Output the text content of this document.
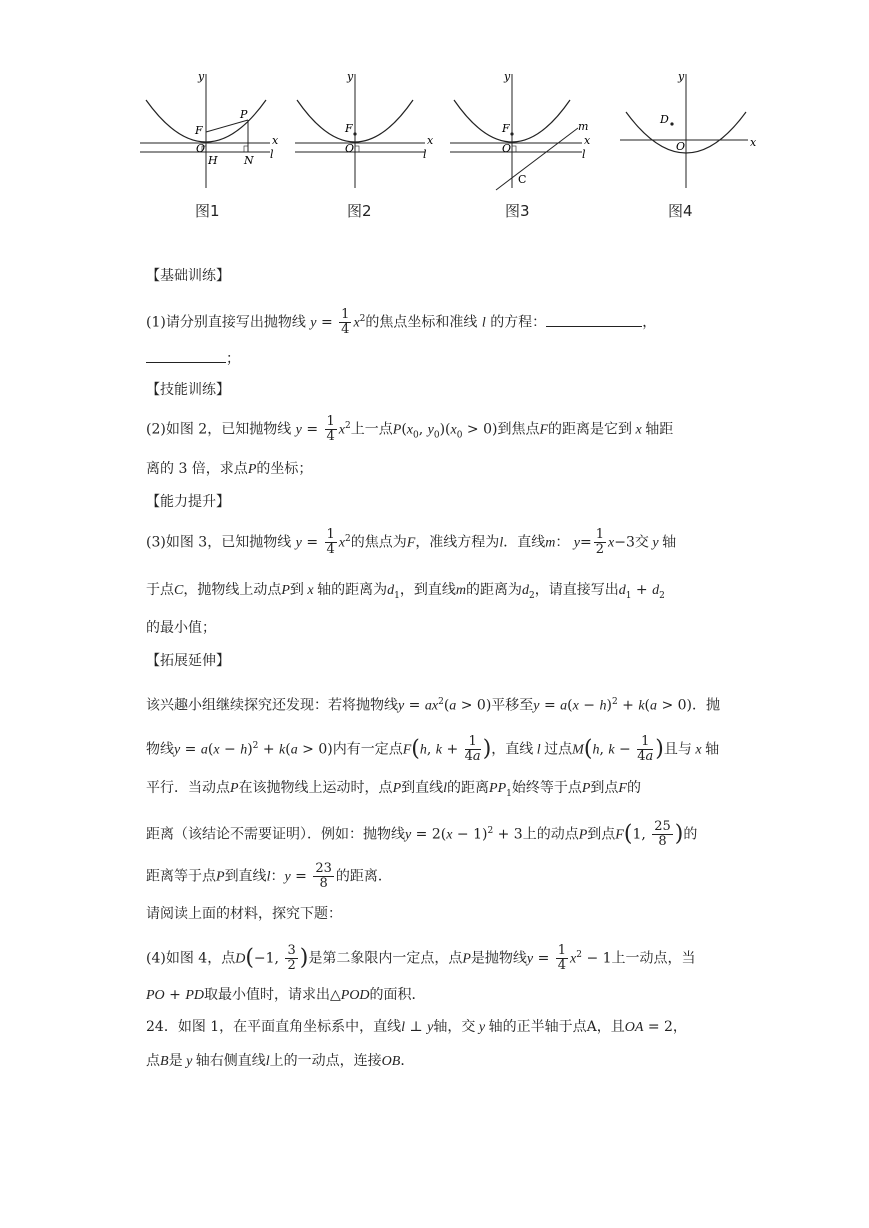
y
x
F
O
H N
P
l
图1
y
x
F
O	l
图2
y
x
F
O
m
l
C
图3
y
x
O
D
图4
【基础训练】
(1)请分别直接写出抛物线 $y = \frac{1}{4} x^2$的焦点坐标和准线 l 的方程：	，
；
【技能训练】
(2)如图 2，已知抛物线 $y = \frac{1}{4} x^2$上一点$P(x_0$, $y_0)(x_0 > 0)$到焦点F的距离是它到 x 轴距
离的 3 倍，求点P的坐标；
【能力提升】
(3)如图 3，已知抛物线 $y = \frac{1}{4} x^2$的焦点为F，准线方程为l．直线m： $y= \frac{1}{2} x-3$交 y 轴
于点C，抛物线上动点P到 x 轴的距离为$d_1$，到直线m的距离为$d_2$，请直接写出$d_1 + d_2$
的最小值；
【拓展延伸】
该兴趣小组继续探究还发现：若将抛物线$y = ax^2(a > 0)$平移至$y = a(x - h)^2 + k(a > 0)$．抛
物线$y = a(x - h)^2 + k(a > 0)$内有一定点F(h, $k + \frac{1}{4a}$ )，直线 l 过点M(h, $k - \frac{1}{4a}$ )且与 x 轴
平行．当动点P在该抛物线上运动时，点P到直线l的距离$PP_1$始终等于点P到点F的
距离（该结论不需要证明）．例如：抛物线$y = 2(x - 1)^2 + 3$上的动点P到点F(1, $\frac{25}{8}$ )的
距离等于点P到直线l：$y = \frac{23}{8}$ 的距离．
请阅读上面的材料，探究下题：
(4)如图 4，点D(−1, $\frac{3}{2}$ )是第二象限内一定点，点P是抛物线$y = \frac{1}{4} x^2 - 1$上一动点，当
PO + PD取最小值时，请求出△POD的面积．
24．如图 1，在平面直角坐标系中，直线l ⊥ y轴，交 y 轴的正半轴于点A，且OA = 2，
点B是 y 轴右侧直线l上的一动点，连接OB．
